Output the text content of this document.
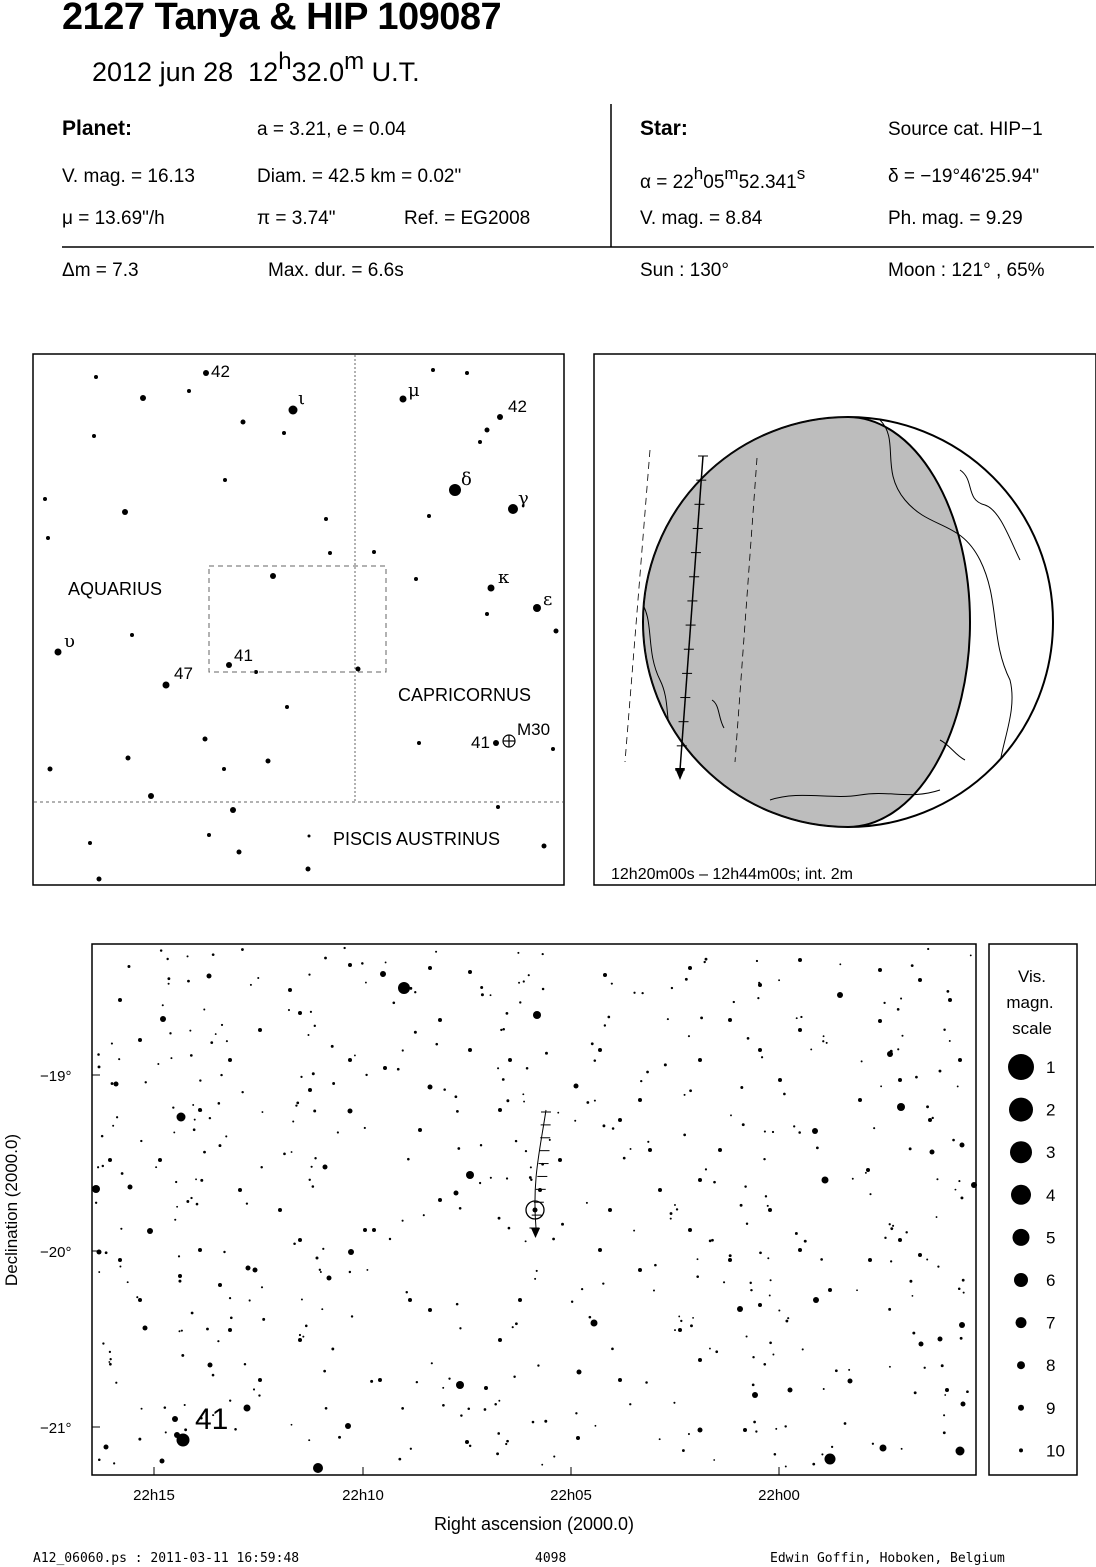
2127 Tanya & HIP 109087
2012 jun 28 12$^h$32.0$^m$ U.T.
Planet:	a = 3.21, e = 0.04
V. mag. = 16.13	Diam. = 42.5 km = 0.02"
μ = 13.69"/h	π = 3.74"	Ref. = EG2008
Δm = 7.3	Max. dur. = 6.6s
Star:	Source cat. HIP−1
$\alpha = 22^h05^m52.341^s$	δ = −19°46'25.94"
V. mag. = 8.84	Ph. mag. = 9.29
Sun : 130°	Moon : 121° , 65%
AQUARIUS
CAPRICORNUS
PISCIS AUSTRINUS
42
ι	μ
42
δ
γ
κ
ε
υ
41
47
41
M30
12h20m00s – 12h44m00s; int. 2m
41
−19°
−20°
−21°
22h15	22h10	22h05	22h00
Right ascension (2000.0)
Declination (2000.0)
Vis.
magn.
scale
1
2
3
4
5
6
7
8
9
10
A12_06060.ps : 2011-03-11 16:59:48	4098	Edwin Goffin, Hoboken, Belgium
